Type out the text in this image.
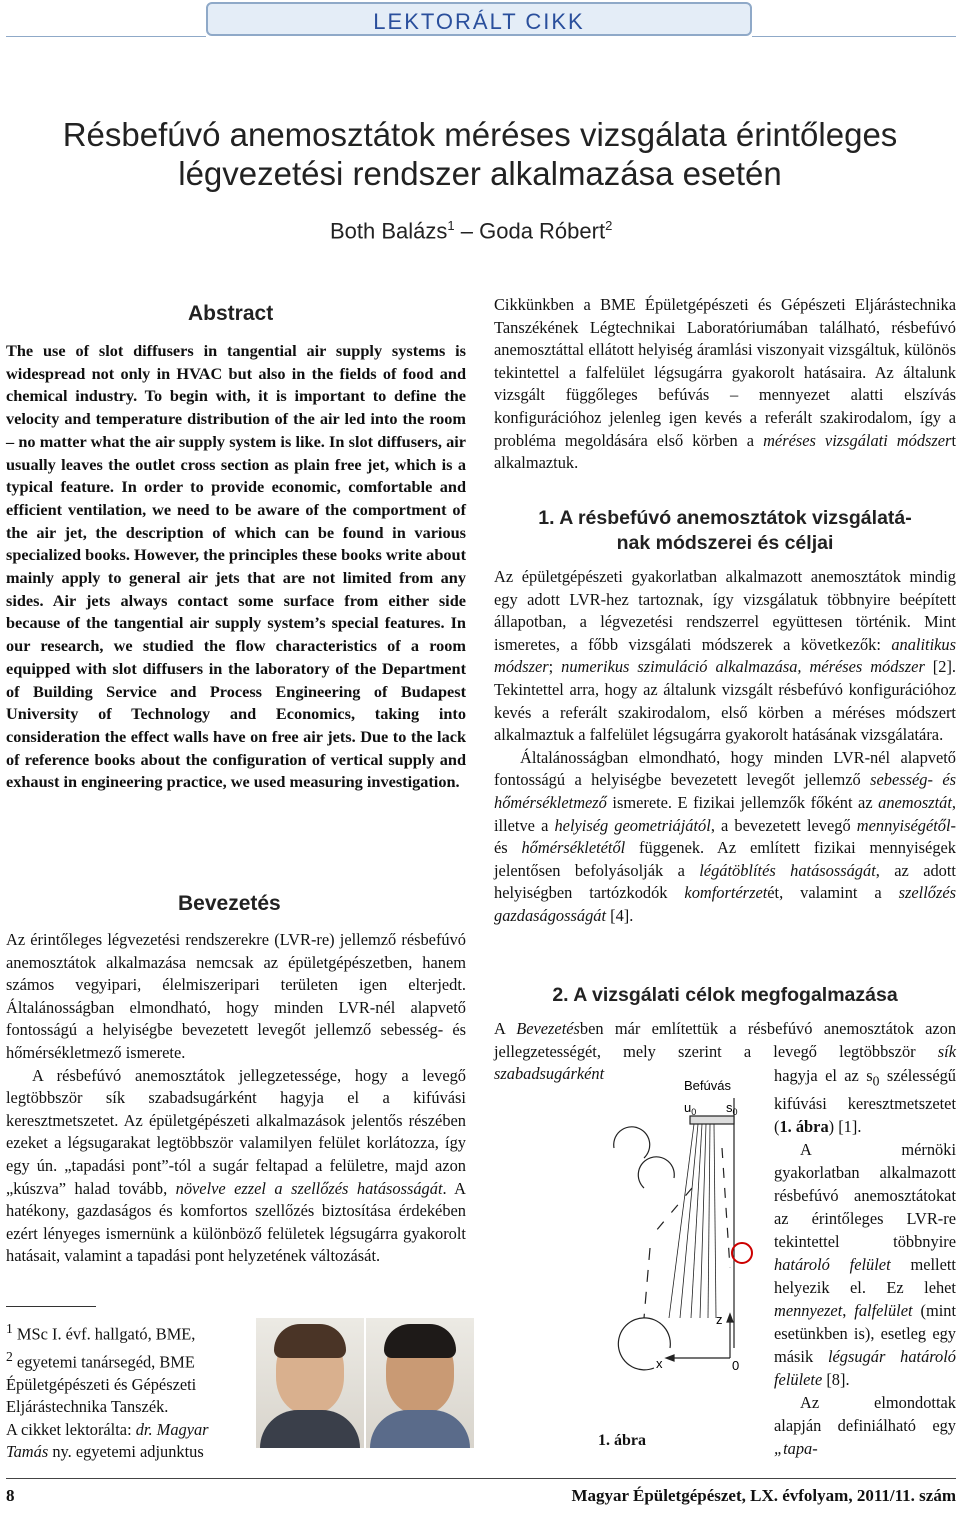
LEKTORÁLT CIKK
Résbefúvó anemosztátok méréses vizsgálata érintőleges
légvezetési rendszer alkalmazása esetén
Both Balázs$^1$ – Goda Róbert$^2$
Abstract
The use of slot diffusers in tangential air supply systems is widespread not only in HVAC but also in the fields of food and chemical industry. To begin with, it is important to define the velocity and temperature distribution of the air led into the room – no matter what the air supply system is like. In slot diffusers, air usually leaves the outlet cross section as plain free jet, which is a typical feature. In order to provide economic, comfortable and efficient ventilation, we need to be aware of the comportment of the air jet, the description of which can be found in various specialized books. However, the principles these books write about mainly apply to general air jets that are not limited from any sides. Air jets always contact some surface from either side because of the tangential air supply system’s special features. In our research, we studied the flow characteristics of a room equipped with slot diffusers in the laboratory of the Department of Building Service and Process Engineering of Budapest University of Technology and Economics, taking into consideration the effect walls have on free air jets. Due to the lack of reference books about the configuration of vertical supply and exhaust in engineering practice, we used measuring investigation.
Bevezetés

Az érintőleges légvezetési rendszerekre (LVR-re) jellemző résbefúvó anemosztátok alkalmazása nemcsak az épületgépészetben, hanem számos vegyipari, élelmiszeripari területen igen elterjedt. Általánosságban elmondható, hogy minden LVR-nél alapvető fontosságú a helyiségbe bevezetett levegőt jellemző sebesség- és hőmérsékletmező ismerete.

A résbefúvó anemosztátok jellegzetessége, hogy a levegő legtöbbször sík szabadsugárként hagyja el a kifúvási keresztmetszetet. Az épületgépészeti alkalmazások jelentős részében ezeket a légsugarakat legtöbbször valamilyen felület korlátozza, így egy ún. „tapadási pont”-tól a sugár feltapad a felületre, majd azon „kúszva” halad tovább, növelve ezzel a szellőzés hatásosságát. A hatékony, gazdaságos és komfortos szellőzés biztosítása érdekében ezért lényeges ismernünk a különböző felületek légsugárra gyakorolt hatásait, valamint a tapadási pont helyzetének változását.

$^1$ MSc I. évf. hallgató, BME,
$^2$ egyetemi tanársegéd, BME Épületgépészeti és Gépészeti Eljárástechnika Tanszék.
A cikket lektorálta: dr. Magyar Tamás ny. egyetemi adjunktus
Cikkünkben a BME Épületgépészeti és Gépészeti Eljárástechnika Tanszékének Légtechnikai Laboratóriumában található, résbefúvó anemosztáttal ellátott helyiség áramlási viszonyait vizsgáltuk, különös tekintettel a falfelület légsugárra gyakorolt hatásaira. Az általunk vizsgált függőleges befúvás – mennyezet alatti elszívás konfigurációhoz jelenleg igen kevés a referált szakirodalom, így a probléma megoldására első körben a méréses vizsgálati módszert alkalmaztuk.
1. A résbefúvó anemosztátok vizsgálatá-
nak módszerei és céljai

Az épületgépészeti gyakorlatban alkalmazott anemosztátok mindig egy adott LVR-hez tartoznak, így vizsgálatuk többnyire beépített állapotban, a légvezetési rendszerrel együttesen történik. Mint ismeretes, a főbb vizsgálati módszerek a következők: analitikus módszer; numerikus szimuláció alkalmazása, méréses módszer [2]. Tekintettel arra, hogy az általunk vizsgált résbefúvó konfigurációhoz kevés a referált szakirodalom, első körben a méréses módszert alkalmaztuk a falfelület légsugárra gyakorolt hatásának vizsgálatára.

Általánosságban elmondható, hogy minden LVR-nél alapvető fontosságú a helyiségbe bevezetett levegőt jellemző sebesség- és hőmérsékletmező ismerete. E fizikai jellemzők főként az anemosztát, illetve a helyiség geometriájától, a bevezetett levegő mennyiségétől- és hőmérsékletétől függenek. Az említett fizikai mennyiségek jelentősen befolyásolják a légátöblítés hatásosságát, az adott helyiségben tartózkodók komfortérzetét, valamint a szellőzés gazdaságosságát [4].

2. A vizsgálati célok megfogalmazása
A Bevezetésben már említettük a résbefúvó anemosztátok azon jellegzetességét, mely szerint a levegő legtöbbször sík szabadsugárként	hagyja el az $s_0$ szélességű kifúvási keresztmetszetet (1. ábra) [1].

A mérnöki gyakorlatban alkalmazott résbefúvó anemosztátokat az érintőleges LVR-re tekintettel többnyire határoló felület mellett helyezik el. Ez lehet mennyezet, falfelület (mint esetünkben is), esetleg egy másik légsugár határoló felülete [8].

Az elmondottak alapján definiálható egy „tapa-

Befúvás
$u_0$ $s_0$
z
x	0
1. ábra
8	Magyar Épületgépészet, LX. évfolyam, 2011/11. szám
